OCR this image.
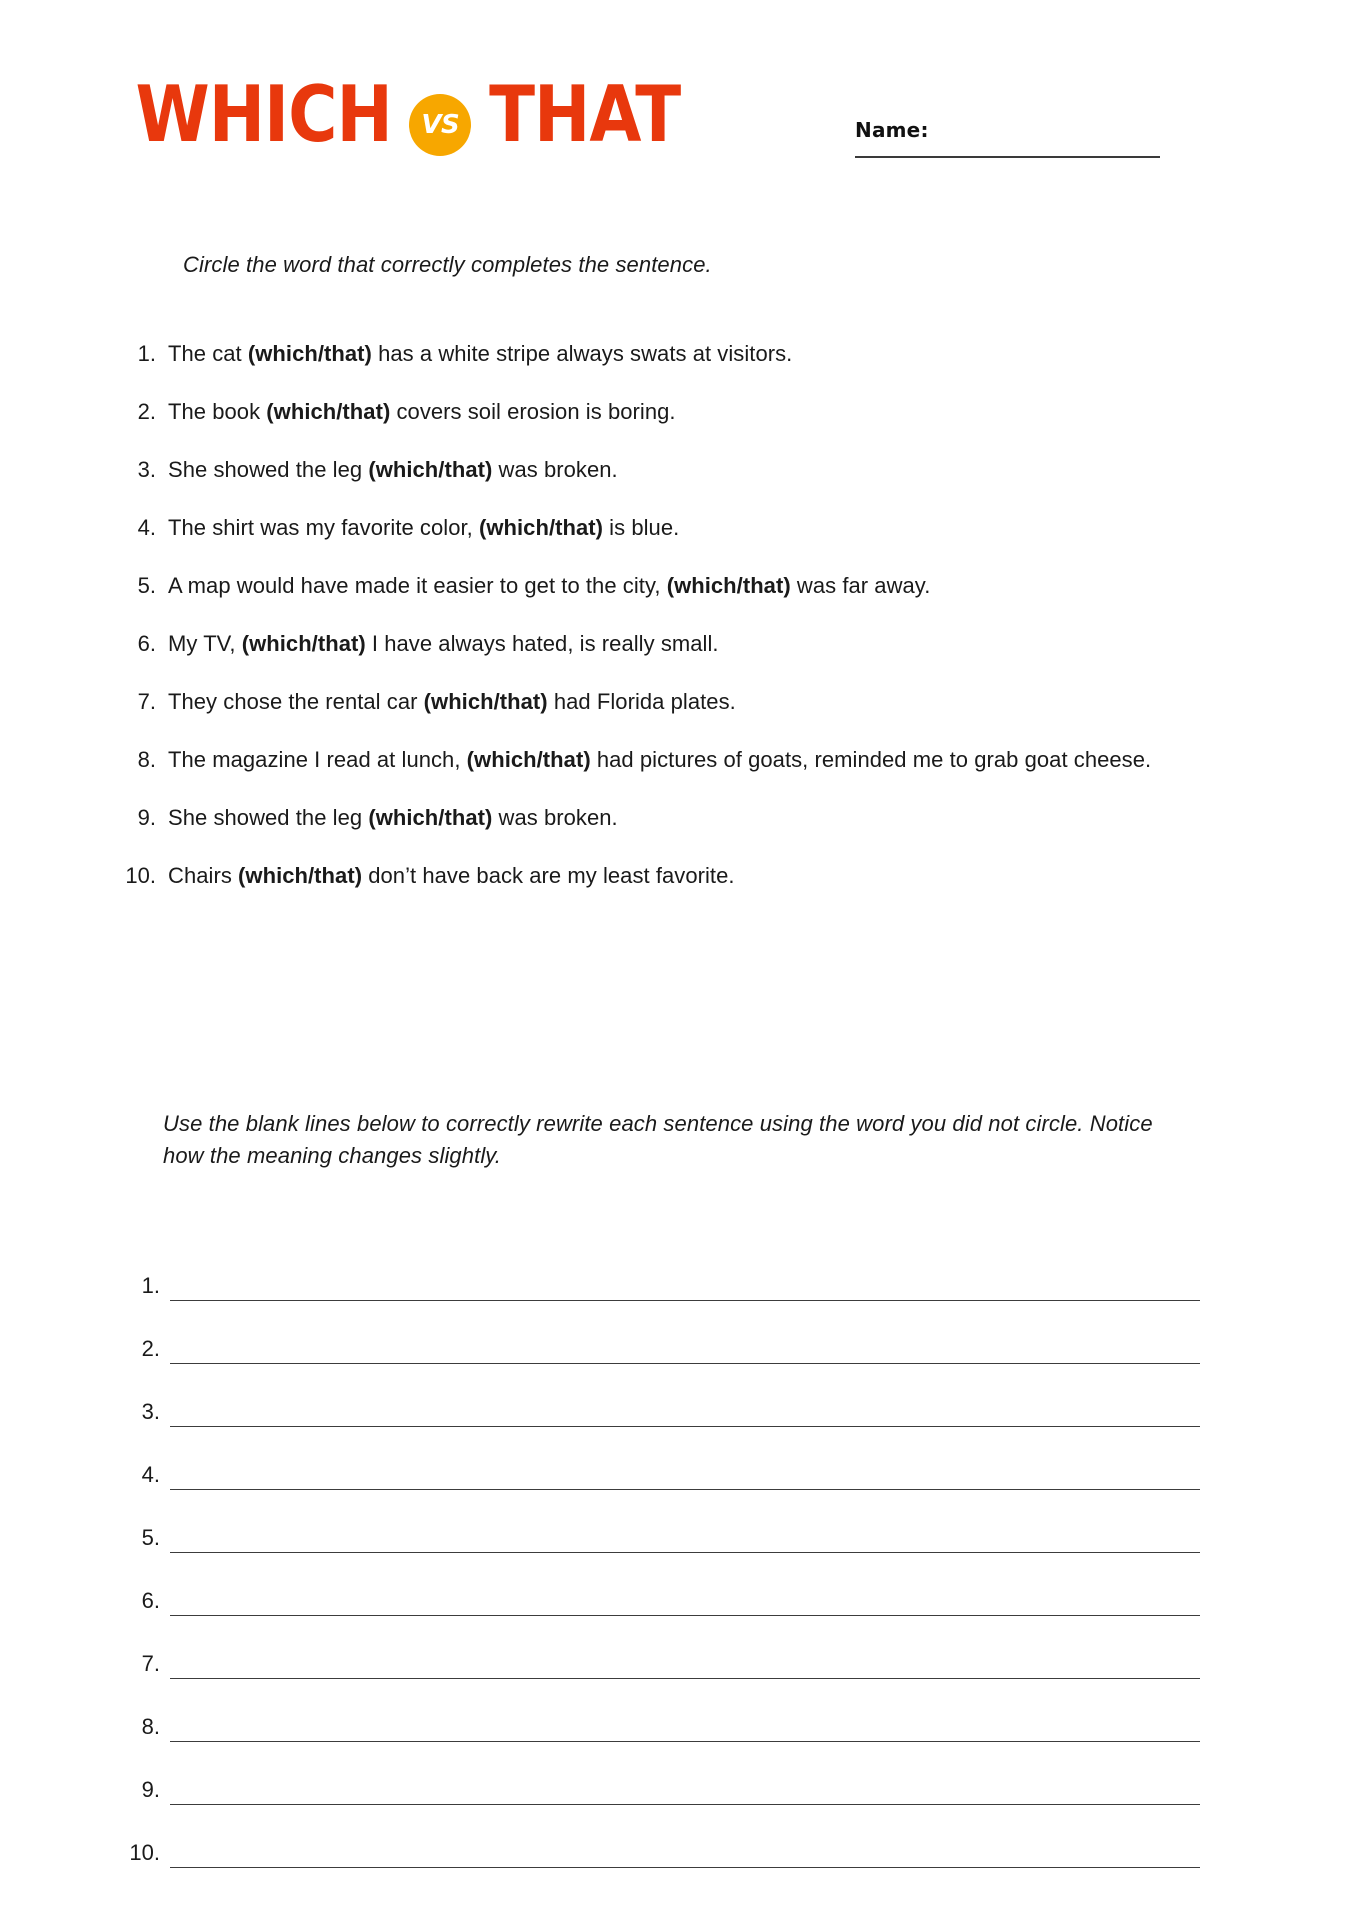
WHICH VS THAT	Name:
Circle the word that correctly completes the sentence.
1. The cat (which/that) has a white stripe always swats at visitors.
2. The book (which/that) covers soil erosion is boring.
3. She showed the leg (which/that) was broken.
4. The shirt was my favorite color, (which/that) is blue.
5. A map would have made it easier to get to the city, (which/that) was far away.
6. My TV, (which/that) I have always hated, is really small.
7. They chose the rental car (which/that) had Florida plates.
8. The magazine I read at lunch, (which/that) had pictures of goats, reminded me to grab goat cheese.
9. She showed the leg (which/that) was broken.
10. Chairs (which/that) don’t have back are my least favorite.
Use the blank lines below to correctly rewrite each sentence using the word you did not circle. Notice how the meaning changes slightly.
1.
2.
3.
4.
5.
6.
7.
8.
9.
10.
